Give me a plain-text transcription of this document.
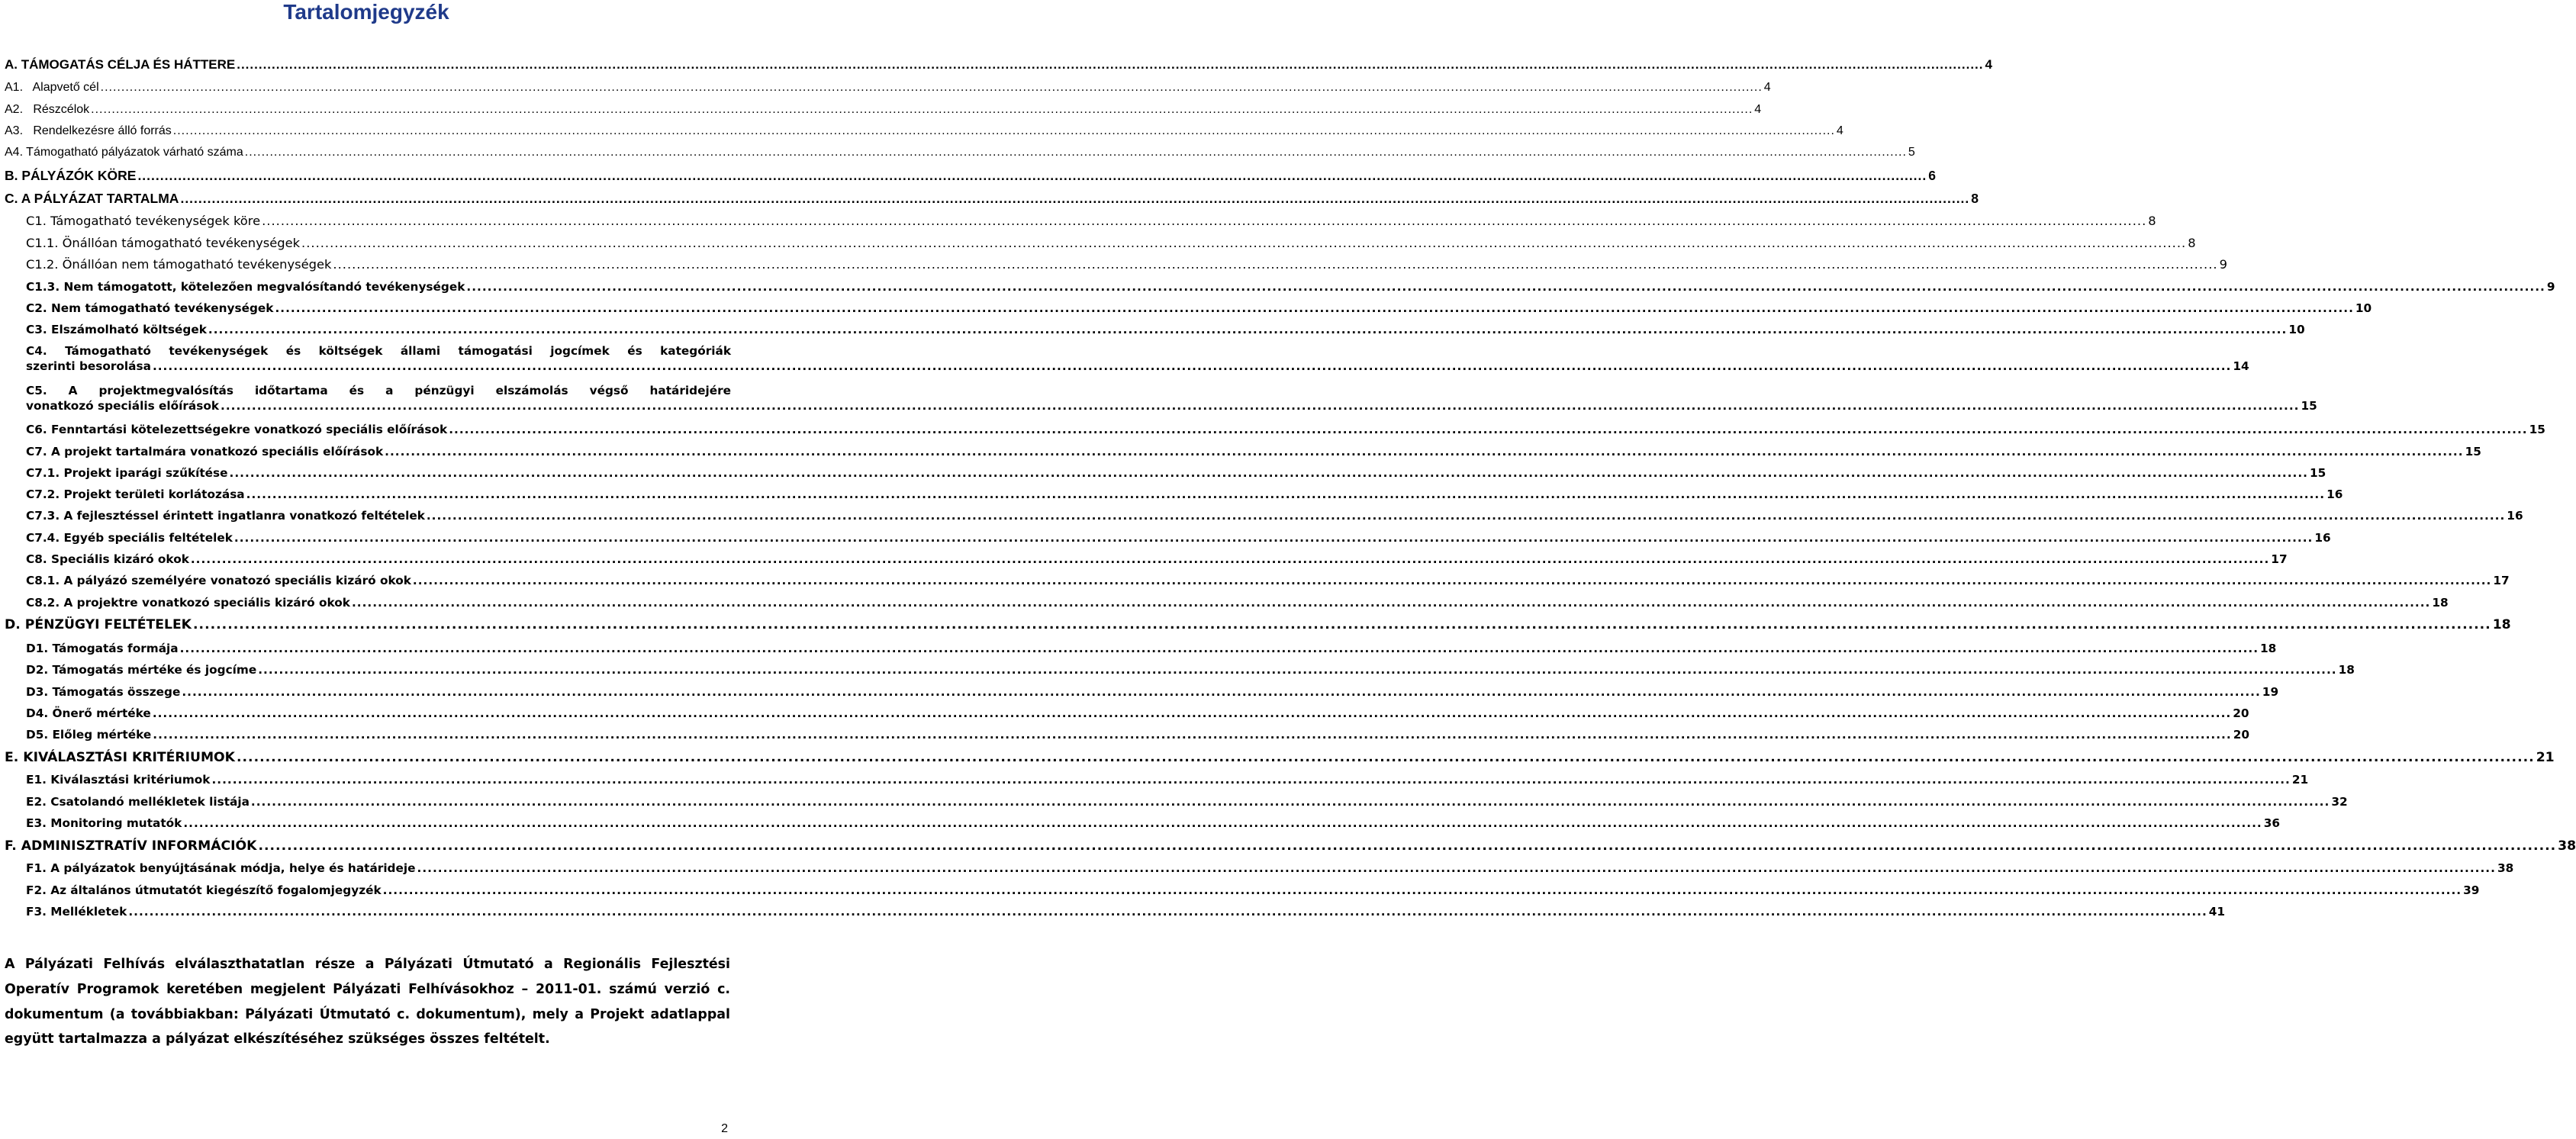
Tartalomjegyzék
A. TÁMOGATÁS CÉLJA ÉS HÁTTERE ................................................................................................................................................................................................................................................................................................................................................................................................................ 4
A1.   Alapvető cél ................................................................................................................................................................................................................................................................................................................................................................................................................ 4
A2.   Részcélok ................................................................................................................................................................................................................................................................................................................................................................................................................ 4
A3.   Rendelkezésre álló forrás ................................................................................................................................................................................................................................................................................................................................................................................................................ 4
A4. Támogatható pályázatok várható száma ................................................................................................................................................................................................................................................................................................................................................................................................................ 5
B. PÁLYÁZÓK KÖRE ................................................................................................................................................................................................................................................................................................................................................................................................................ 6
C. A PÁLYÁZAT TARTALMA ................................................................................................................................................................................................................................................................................................................................................................................................................ 8
C1. Támogatható tevékenységek köre ................................................................................................................................................................................................................................................................................................................................................................................................................ 8
C1.1. Önállóan támogatható tevékenységek ................................................................................................................................................................................................................................................................................................................................................................................................................ 8
C1.2. Önállóan nem támogatható tevékenységek ................................................................................................................................................................................................................................................................................................................................................................................................................ 9
C1.3. Nem támogatott, kötelezően megvalósítandó tevékenységek ................................................................................................................................................................................................................................................................................................................................................................................................................ 9
C2. Nem támogatható tevékenységek ................................................................................................................................................................................................................................................................................................................................................................................................................ 10
C3. Elszámolható költségek ................................................................................................................................................................................................................................................................................................................................................................................................................ 10
C4. Támogatható tevékenységek és költségek állami támogatási jogcímek és kategóriák
szerinti besorolása ................................................................................................................................................................................................................................................................................................................................................................................................................ 14
C5. A projektmegvalósítás időtartama és a pénzügyi elszámolás végső határidejére
vonatkozó speciális előírások ................................................................................................................................................................................................................................................................................................................................................................................................................ 15
C6. Fenntartási kötelezettségekre vonatkozó speciális előírások ................................................................................................................................................................................................................................................................................................................................................................................................................ 15
C7. A projekt tartalmára vonatkozó speciális előírások ................................................................................................................................................................................................................................................................................................................................................................................................................ 15
C7.1. Projekt iparági szűkítése ................................................................................................................................................................................................................................................................................................................................................................................................................ 15
C7.2. Projekt területi korlátozása ................................................................................................................................................................................................................................................................................................................................................................................................................ 16
C7.3. A fejlesztéssel érintett ingatlanra vonatkozó feltételek ................................................................................................................................................................................................................................................................................................................................................................................................................ 16
C7.4. Egyéb speciális feltételek ................................................................................................................................................................................................................................................................................................................................................................................................................ 16
C8. Speciális kizáró okok ................................................................................................................................................................................................................................................................................................................................................................................................................ 17
C8.1. A pályázó személyére vonatozó speciális kizáró okok ................................................................................................................................................................................................................................................................................................................................................................................................................ 17
C8.2. A projektre vonatkozó speciális kizáró okok ................................................................................................................................................................................................................................................................................................................................................................................................................ 18
D. PÉNZÜGYI FELTÉTELEK ................................................................................................................................................................................................................................................................................................................................................................................................................ 18
D1. Támogatás formája ................................................................................................................................................................................................................................................................................................................................................................................................................ 18
D2. Támogatás mértéke és jogcíme ................................................................................................................................................................................................................................................................................................................................................................................................................ 18
D3. Támogatás összege ................................................................................................................................................................................................................................................................................................................................................................................................................ 19
D4. Önerő mértéke ................................................................................................................................................................................................................................................................................................................................................................................................................ 20
D5. Előleg mértéke ................................................................................................................................................................................................................................................................................................................................................................................................................ 20
E. KIVÁLASZTÁSI KRITÉRIUMOK ................................................................................................................................................................................................................................................................................................................................................................................................................ 21
E1. Kiválasztási kritériumok ................................................................................................................................................................................................................................................................................................................................................................................................................ 21
E2. Csatolandó mellékletek listája ................................................................................................................................................................................................................................................................................................................................................................................................................ 32
E3. Monitoring mutatók ................................................................................................................................................................................................................................................................................................................................................................................................................ 36
F. ADMINISZTRATÍV INFORMÁCIÓK ................................................................................................................................................................................................................................................................................................................................................................................................................ 38
F1. A pályázatok benyújtásának módja, helye és határideje ................................................................................................................................................................................................................................................................................................................................................................................................................ 38
F2. Az általános útmutatót kiegészítő fogalomjegyzék ................................................................................................................................................................................................................................................................................................................................................................................................................ 39
F3. Mellékletek ................................................................................................................................................................................................................................................................................................................................................................................................................ 41
A Pályázati Felhívás elválaszthatatlan része a Pályázati Útmutató a Regionális Fejlesztési Operatív Programok keretében megjelent Pályázati Felhívásokhoz – 2011-01. számú verzió c. dokumentum (a továbbiakban: Pályázati Útmutató c. dokumentum), mely a Projekt adatlappal együtt tartalmazza a pályázat elkészítéséhez szükséges összes feltételt.
2
